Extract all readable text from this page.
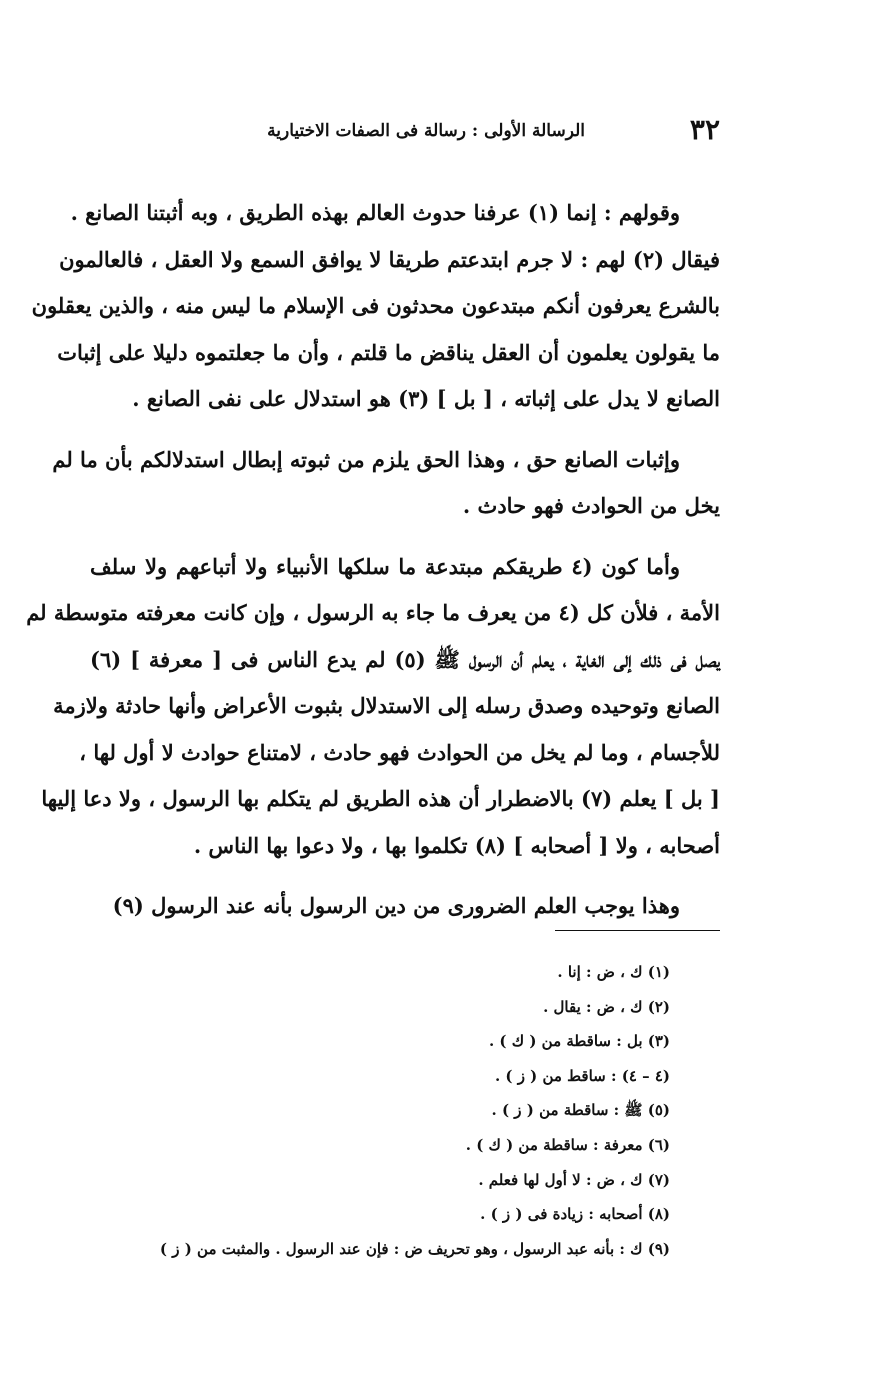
٣٢
الرسالة الأولى : رسالة فى الصفات الاختيارية

وقولهم : إنما (١) عرفنا حدوث العالم بهذه الطريق ، وبه أثبتنا الصانع .
فيقال (٢) لهم : لا جرم ابتدعتم طريقا لا يوافق السمع ولا العقل ، فالعالمون
بالشرع يعرفون أنكم مبتدعون محدثون فى الإسلام ما ليس منه ، والذين يعقلون
ما يقولون يعلمون أن العقل يناقض ما قلتم ، وأن ما جعلتموه دليلا على إثبات
الصانع لا يدل على إثباته ، [ بل ] (٣) هو استدلال على نفى الصانع .

وإثبات الصانع حق ، وهذا الحق يلزم من ثبوته إبطال استدلالكم بأن ما لم
يخل من الحوادث فهو حادث .

وأما كون (٤ طريقكم مبتدعة ما سلكها الأنبياء ولا أتباعهم ولا سلف
الأمة ، فلأن كل (٤ من يعرف ما جاء به الرسول ، وإن كانت معرفته متوسطة لم
يصل فى ذلك إلى الغاية ، يعلم أن الرسول ﷺ (٥) لم يدع الناس فى [ معرفة ] (٦)
الصانع وتوحيده وصدق رسله إلى الاستدلال بثبوت الأعراض وأنها حادثة ولازمة
للأجسام ، وما لم يخل من الحوادث فهو حادث ، لامتناع حوادث لا أول لها ،
[ بل ] يعلم (٧) بالاضطرار أن هذه الطريق لم يتكلم بها الرسول ، ولا دعا إليها
أصحابه ، ولا [ أصحابه ] (٨) تكلموا بها ، ولا دعوا بها الناس .

وهذا يوجب العلم الضرورى من دين الرسول بأنه عند الرسول (٩)

(١) ك ، ض : إنا .
(٢) ك ، ض : يقال .
(٣) بل : ساقطة من ( ك ) .
(٤ – ٤) : ساقط من ( ز ) .
(٥) ﷺ : ساقطة من ( ز ) .
(٦) معرفة : ساقطة من ( ك ) .
(٧) ك ، ض : لا أول لها فعلم .
(٨) أصحابه : زيادة فى ( ز ) .
(٩) ك : بأنه عبد الرسول ، وهو تحريف ض : فإن عند الرسول . والمثبت من ( ز )
